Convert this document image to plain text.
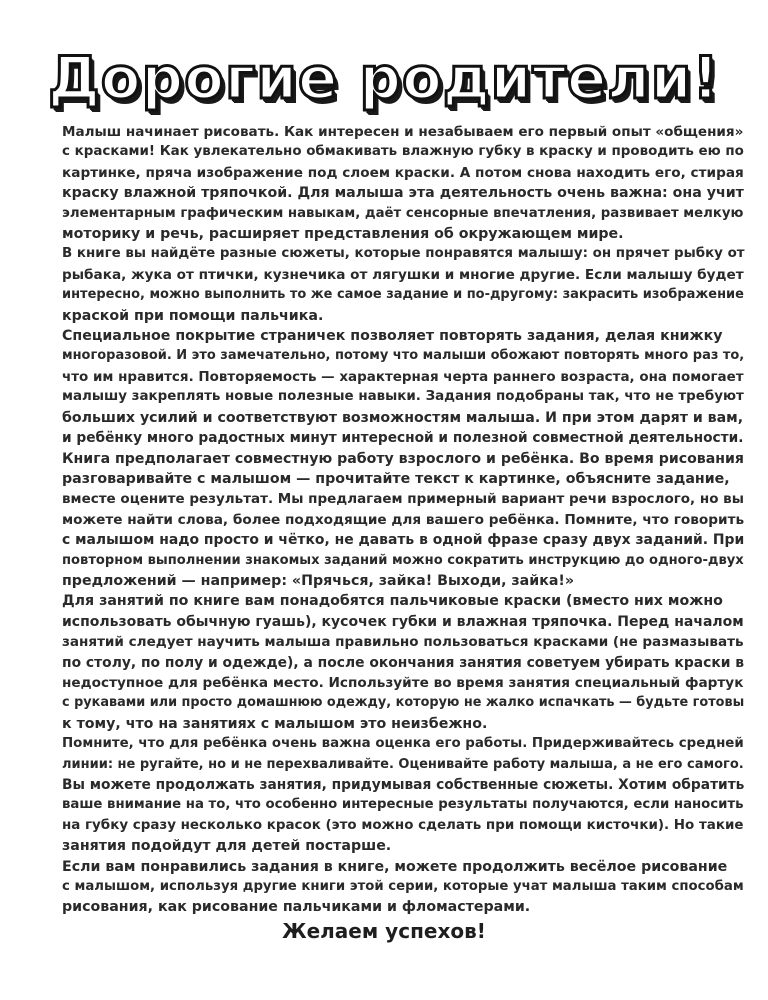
Дорогие родители!
Малыш начинает рисовать. Как интересен и незабываем его первый опыт «общения»
с красками! Как увлекательно обмакивать влажную губку в краску и проводить ею по
картинке, пряча изображение под слоем краски. А потом снова находить его, стирая
краску влажной тряпочкой. Для малыша эта деятельность очень важна: она учит
элементарным графическим навыкам, даёт сенсорные впечатления, развивает мелкую
моторику и речь, расширяет представления об окружающем мире.
В книге вы найдёте разные сюжеты, которые понравятся малышу: он прячет рыбку от
рыбака, жука от птички, кузнечика от лягушки и многие другие. Если малышу будет
интересно, можно выполнить то же самое задание и по-другому: закрасить изображение
краской при помощи пальчика.
Специальное покрытие страничек позволяет повторять задания, делая книжку
многоразовой. И это замечательно, потому что малыши обожают повторять много раз то,
что им нравится. Повторяемость — характерная черта раннего возраста, она помогает
малышу закреплять новые полезные навыки. Задания подобраны так, что не требуют
больших усилий и соответствуют возможностям малыша. И при этом дарят и вам,
и ребёнку много радостных минут интересной и полезной совместной деятельности.
Книга предполагает совместную работу взрослого и ребёнка. Во время рисования
разговаривайте с малышом — прочитайте текст к картинке, объясните задание,
вместе оцените результат. Мы предлагаем примерный вариант речи взрослого, но вы
можете найти слова, более подходящие для вашего ребёнка. Помните, что говорить
с малышом надо просто и чётко, не давать в одной фразе сразу двух заданий. При
повторном выполнении знакомых заданий можно сократить инструкцию до одного-двух
предложений — например: «Прячься, зайка! Выходи, зайка!»
Для занятий по книге вам понадобятся пальчиковые краски (вместо них можно
использовать обычную гуашь), кусочек губки и влажная тряпочка. Перед началом
занятий следует научить малыша правильно пользоваться красками (не размазывать
по столу, по полу и одежде), а после окончания занятия советуем убирать краски в
недоступное для ребёнка место. Используйте во время занятия специальный фартук
с рукавами или просто домашнюю одежду, которую не жалко испачкать — будьте готовы
к тому, что на занятиях с малышом это неизбежно.
Помните, что для ребёнка очень важна оценка его работы. Придерживайтесь средней
линии: не ругайте, но и не перехваливайте. Оценивайте работу малыша, а не его самого.
Вы можете продолжать занятия, придумывая собственные сюжеты. Хотим обратить
ваше внимание на то, что особенно интересные результаты получаются, если наносить
на губку сразу несколько красок (это можно сделать при помощи кисточки). Но такие
занятия подойдут для детей постарше.
Если вам понравились задания в книге, можете продолжить весёлое рисование
с малышом, используя другие книги этой серии, которые учат малыша таким способам
рисования, как рисование пальчиками и фломастерами.
Желаем успехов!
